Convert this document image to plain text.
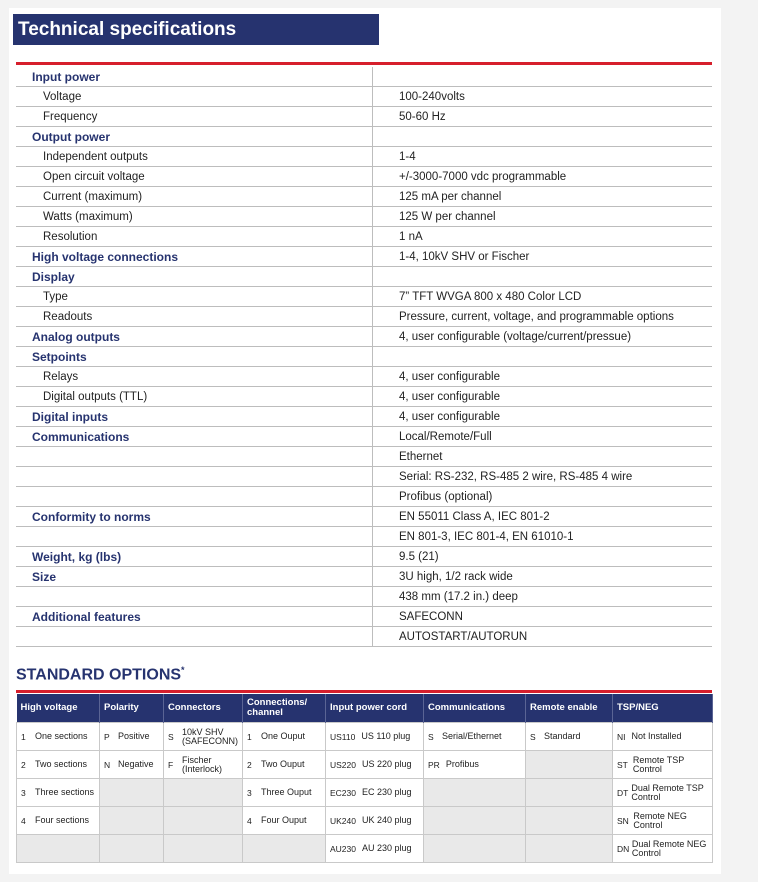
Technical specifications
Input power	
Voltage	100-240volts
Frequency	50-60 Hz
Output power	
Independent outputs	1-4
Open circuit voltage	+/-3000-7000 vdc programmable
Current (maximum)	125 mA per channel
Watts (maximum)	125 W per channel
Resolution	1 nA
High voltage connections	1-4, 10kV SHV or Fischer
Display	
Type	7” TFT WVGA 800 x 480 Color LCD
Readouts	Pressure, current, voltage, and programmable options
Analog outputs	4, user configurable (voltage/current/pressue)
Setpoints	
Relays	4, user configurable
Digital outputs (TTL)	4, user configurable
Digital inputs	4, user configurable
Communications	Local/Remote/Full
	Ethernet
	Serial: RS-232, RS-485 2 wire, RS-485 4 wire
	Profibus (optional)
Conformity to norms	EN 55011 Class A, IEC 801-2
	EN 801-3, IEC 801-4, EN 61010-1
Weight, kg (lbs)	9.5 (21)
Size	3U high, 1/2 rack wide
	438 mm (17.2 in.) deep
Additional features	SAFECONN
	AUTOSTART/AUTORUN
STANDARD OPTIONS*
High voltage	Polarity	Connectors	Connections/ channel	Input power cord	Communications	Remote enable	TSP/NEG

1 One sections	P Positive	S 10kV SHV (SAFECONN)	1 One Ouput	US110 US 110 plug	S Serial/Ethernet	S Standard	NI Not Installed

2 Two sections	N Negative	F Fischer (Interlock)	2 Two Ouput	US220 US 220 plug	PR Profibus		ST Remote TSP Control

3 Three sections			3 Three Ouput	EC230 EC 230 plug			DT Dual Remote TSP Control

4 Four sections			4 Four Ouput	UK240 UK 240 plug			SN Remote NEG Control

				AU230 AU 230 plug			DN Dual Remote NEG Control
